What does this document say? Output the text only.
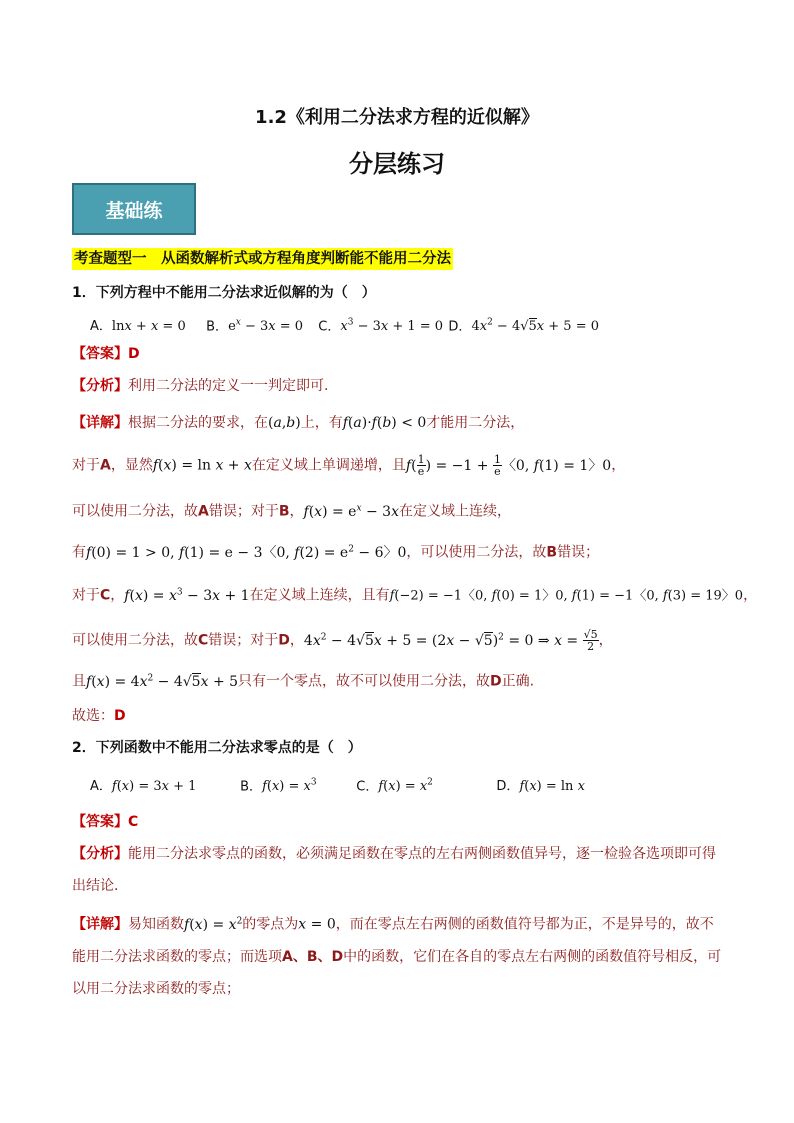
1.2《利用二分法求方程的近似解》
分层练习
基础练
考查题型一　从函数解析式或方程角度判断能不能用二分法
1．下列方程中不能用二分法求近似解的为（　）
A．lnx + x = 0 B．$e^x - 3x = 0$ C．$x^3 - 3x + 1 = 0$ D．$4x^2 - 4√5x + 5 = 0$
【答案】D
【分析】利用二分法的定义一一判定即可.
【详解】根据二分法的要求，在(a,b)上，有f(a)·f(b) < 0才能用二分法，
对于A，显然f(x) = ln x + x在定义域上单调递增，且$f( \frac{1}{e}$ ) = $-1 + \frac{1}{e}$ 〈0, f(1) = 1〉0，
可以使用二分法，故A错误；对于B，$f(x) = e^x - 3x$在定义域上连续，
有f(0) = 1 > 0, f(1) = e − 3〈0, $f(2) = e^2 - 6$〉0，可以使用二分法，故B错误；
对于C，$f(x) = x^3 - 3x + 1$在定义域上连续，且有f(−2) = −1〈0, f(0) = 1〉0, f(1) = −1〈0, f(3) = 19〉0，
可以使用二分法，故C错误；对于D，$4x^2 - 4√5x + 5 = (2x - √5)^2 = 0$ ⇒ $x = \frac{√5}{2}$ ，
且$f(x) = 4x^2 - 4√5x + 5$只有一个零点，故不可以使用二分法，故D正确.
故选：D
2．下列函数中不能用二分法求零点的是（　）
A．f(x) = 3x + 1	B．$f(x) = x^3$	C．$f(x) = x^2$	D．f(x) = ln x
【答案】C
【分析】能用二分法求零点的函数，必须满足函数在零点的左右两侧函数值异号，逐一检验各选项即可得出结论.
【详解】易知函数$f(x) = x^2$的零点为x = 0，而在零点左右两侧的函数值符号都为正，不是异号的，故不能用二分法求函数的零点；而选项A、B、D中的函数，它们在各自的零点左右两侧的函数值符号相反，可以用二分法求函数的零点；
